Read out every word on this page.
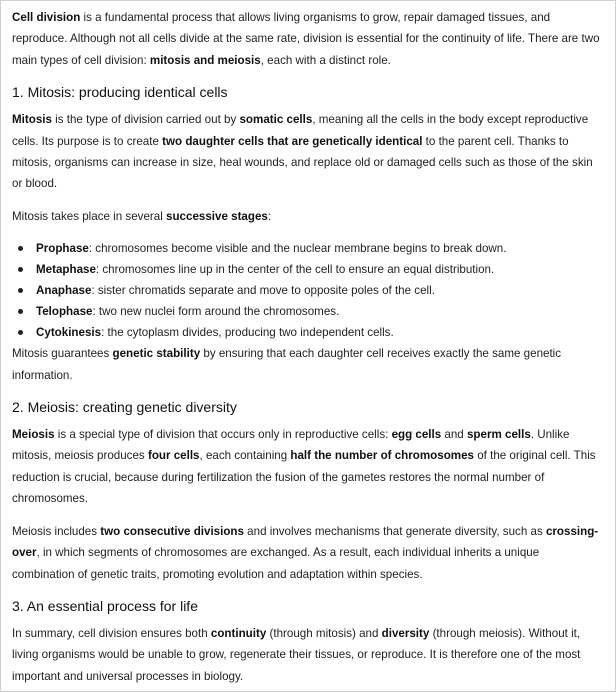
Cell division is a fundamental process that allows living organisms to grow, repair damaged tissues, and reproduce. Although not all cells divide at the same rate, division is essential for the continuity of life. There are two main types of cell division: mitosis and meiosis, each with a distinct role.

1. Mitosis: producing identical cells

Mitosis is the type of division carried out by somatic cells, meaning all the cells in the body except reproductive cells. Its purpose is to create two daughter cells that are genetically identical to the parent cell. Thanks to mitosis, organisms can increase in size, heal wounds, and replace old or damaged cells such as those of the skin or blood.

Mitosis takes place in several successive stages:

Prophase: chromosomes become visible and the nuclear membrane begins to break down.
Metaphase: chromosomes line up in the center of the cell to ensure an equal distribution.
Anaphase: sister chromatids separate and move to opposite poles of the cell.
Telophase: two new nuclei form around the chromosomes.
Cytokinesis: the cytoplasm divides, producing two independent cells.

Mitosis guarantees genetic stability by ensuring that each daughter cell receives exactly the same genetic information.

2. Meiosis: creating genetic diversity

Meiosis is a special type of division that occurs only in reproductive cells: egg cells and sperm cells. Unlike mitosis, meiosis produces four cells, each containing half the number of chromosomes of the original cell. This reduction is crucial, because during fertilization the fusion of the gametes restores the normal number of chromosomes.

Meiosis includes two consecutive divisions and involves mechanisms that generate diversity, such as crossing-over, in which segments of chromosomes are exchanged. As a result, each individual inherits a unique combination of genetic traits, promoting evolution and adaptation within species.

3. An essential process for life

In summary, cell division ensures both continuity (through mitosis) and diversity (through meiosis). Without it, living organisms would be unable to grow, regenerate their tissues, or reproduce. It is therefore one of the most important and universal processes in biology.
